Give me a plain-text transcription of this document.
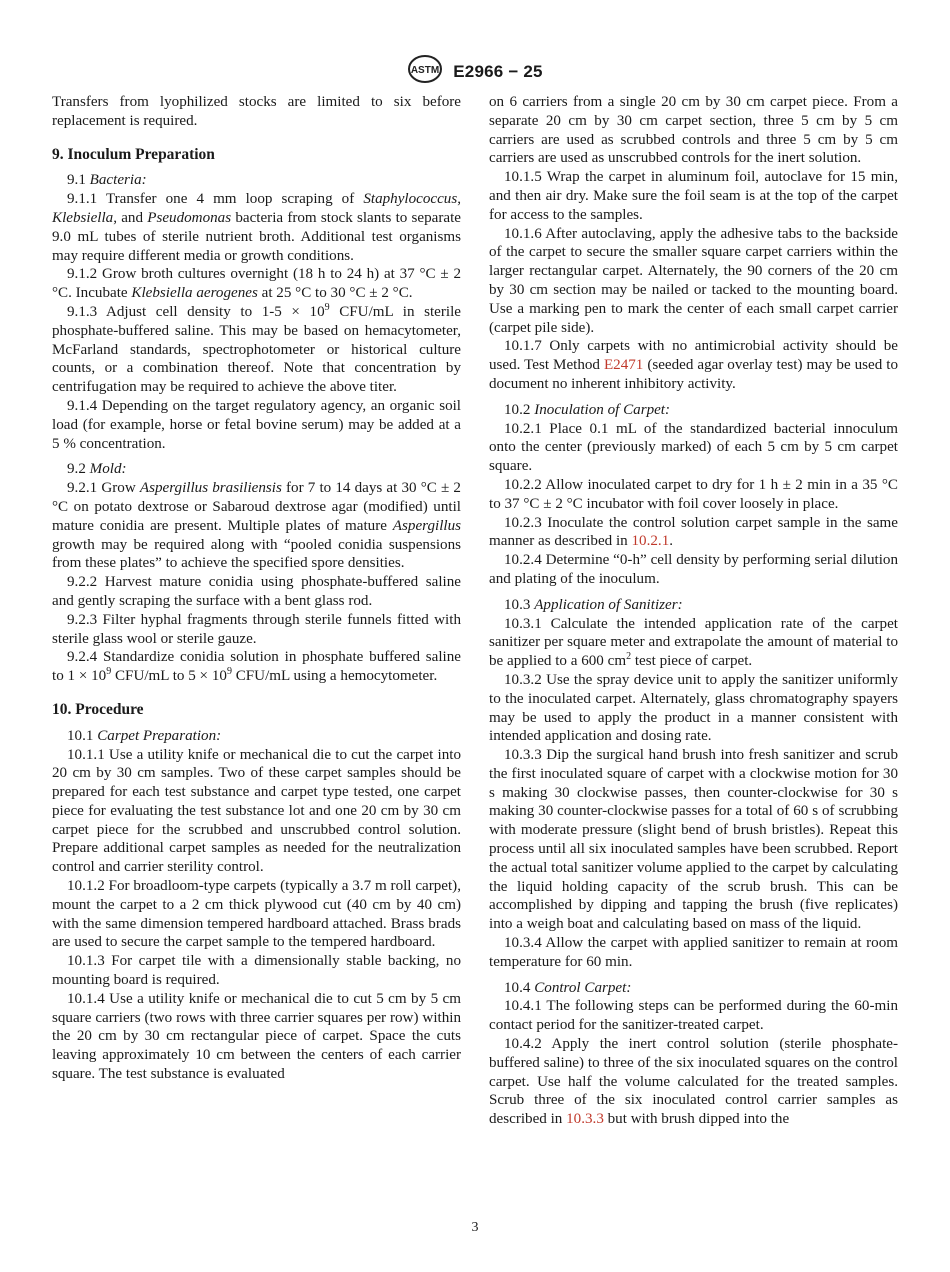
ASTM E2966 − 25

Transfers from lyophilized stocks are limited to six before replacement is required.

9. Inoculum Preparation

9.1 Bacteria:

9.1.1 Transfer one 4 mm loop scraping of Staphylococcus, Klebsiella, and Pseudomonas bacteria from stock slants to separate 9.0 mL tubes of sterile nutrient broth. Additional test organisms may require different media or growth conditions.

9.1.2 Grow broth cultures overnight (18 h to 24 h) at 37 °C ± 2 °C. Incubate Klebsiella aerogenes at 25 °C to 30 °C ± 2 °C.

9.1.3 Adjust cell density to $1-5 \times 10^9$ CFU/mL in sterile phosphate-buffered saline. This may be based on hemacytometer, McFarland standards, spectrophotometer or historical culture counts, or a combination thereof. Note that concentration by centrifugation may be required to achieve the above titer.

9.1.4 Depending on the target regulatory agency, an organic soil load (for example, horse or fetal bovine serum) may be added at a 5 % concentration.

9.2 Mold:

9.2.1 Grow Aspergillus brasiliensis for 7 to 14 days at 30 °C ± 2 °C on potato dextrose or Sabaroud dextrose agar (modified) until mature conidia are present. Multiple plates of mature Aspergillus growth may be required along with “pooled conidia suspensions from these plates” to achieve the specified spore densities.

9.2.2 Harvest mature conidia using phosphate-buffered saline and gently scraping the surface with a bent glass rod.

9.2.3 Filter hyphal fragments through sterile funnels fitted with sterile glass wool or sterile gauze.

9.2.4 Standardize conidia solution in phosphate buffered saline to $1 \times 10^9$ CFU/mL to $5 \times 10^9$ CFU/mL using a hemocytometer.

10. Procedure

10.1 Carpet Preparation:

10.1.1 Use a utility knife or mechanical die to cut the carpet into 20 cm by 30 cm samples. Two of these carpet samples should be prepared for each test substance and carpet type tested, one carpet piece for evaluating the test substance lot and one 20 cm by 30 cm carpet piece for the scrubbed and unscrubbed control solution. Prepare additional carpet samples as needed for the neutralization control and carrier sterility control.

10.1.2 For broadloom-type carpets (typically a 3.7 m roll carpet), mount the carpet to a 2 cm thick plywood cut (40 cm by 40 cm) with the same dimension tempered hardboard attached. Brass brads are used to secure the carpet sample to the tempered hardboard.

10.1.3 For carpet tile with a dimensionally stable backing, no mounting board is required.

10.1.4 Use a utility knife or mechanical die to cut 5 cm by 5 cm square carriers (two rows with three carrier squares per row) within the 20 cm by 30 cm rectangular piece of carpet. Space the cuts leaving approximately 10 cm between the centers of each carrier square. The test substance is evaluated

on 6 carriers from a single 20 cm by 30 cm carpet piece. From a separate 20 cm by 30 cm carpet section, three 5 cm by 5 cm carriers are used as scrubbed controls and three 5 cm by 5 cm carriers are used as unscrubbed controls for the inert solution.

10.1.5 Wrap the carpet in aluminum foil, autoclave for 15 min, and then air dry. Make sure the foil seam is at the top of the carpet for access to the samples.

10.1.6 After autoclaving, apply the adhesive tabs to the backside of the carpet to secure the smaller square carpet carriers within the larger rectangular carpet. Alternately, the 90 corners of the 20 cm by 30 cm section may be nailed or tacked to the mounting board. Use a marking pen to mark the center of each small carpet carrier (carpet pile side).

10.1.7 Only carpets with no antimicrobial activity should be used. Test Method E2471 (seeded agar overlay test) may be used to document no inherent inhibitory activity.

10.2 Inoculation of Carpet:

10.2.1 Place 0.1 mL of the standardized bacterial innoculum onto the center (previously marked) of each 5 cm by 5 cm carpet square.

10.2.2 Allow inoculated carpet to dry for 1 h ± 2 min in a 35 °C to 37 °C ± 2 °C incubator with foil cover loosely in place.

10.2.3 Inoculate the control solution carpet sample in the same manner as described in 10.2.1.

10.2.4 Determine “0-h” cell density by performing serial dilution and plating of the inoculum.

10.3 Application of Sanitizer:

10.3.1 Calculate the intended application rate of the carpet sanitizer per square meter and extrapolate the amount of material to be applied to a 600 $cm^2$ test piece of carpet.

10.3.2 Use the spray device unit to apply the sanitizer uniformly to the inoculated carpet. Alternately, glass chromatography spayers may be used to apply the product in a manner consistent with intended application and dosing rate.

10.3.3 Dip the surgical hand brush into fresh sanitizer and scrub the first inoculated square of carpet with a clockwise motion for 30 s making 30 clockwise passes, then counter-clockwise for 30 s making 30 counter-clockwise passes for a total of 60 s of scrubbing with moderate pressure (slight bend of brush bristles). Repeat this process until all six inoculated samples have been scrubbed. Report the actual total sanitizer volume applied to the carpet by calculating the liquid holding capacity of the scrub brush. This can be accomplished by dipping and tapping the brush (five replicates) into a weigh boat and calculating based on mass of the liquid.

10.3.4 Allow the carpet with applied sanitizer to remain at room temperature for 60 min.

10.4 Control Carpet:

10.4.1 The following steps can be performed during the 60-min contact period for the sanitizer-treated carpet.

10.4.2 Apply the inert control solution (sterile phosphate-buffered saline) to three of the six inoculated squares on the control carpet. Use half the volume calculated for the treated samples. Scrub three of the six inoculated control carrier samples as described in 10.3.3 but with brush dipped into the

3
